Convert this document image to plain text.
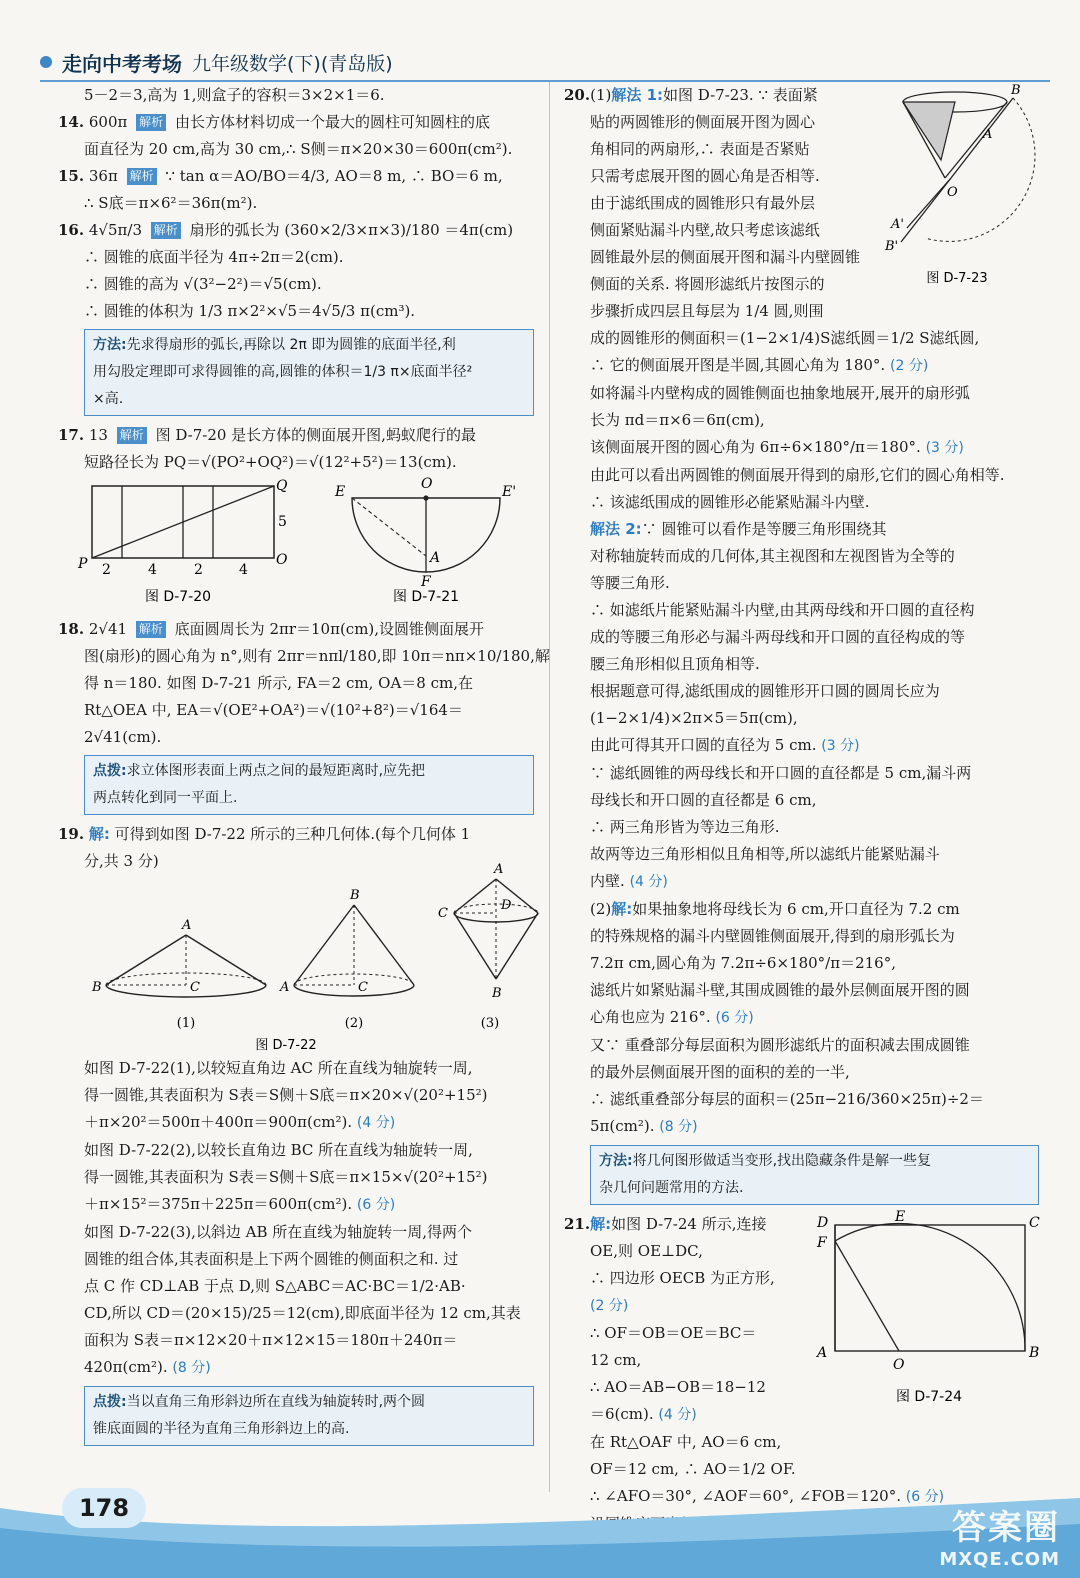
走向中考考场 九年级数学(下)(青岛版)
5－2＝3,高为 1,则盒子的容积＝3×2×1＝6.
14. 600π 解析 由长方体材料切成一个最大的圆柱可知圆柱的底
面直径为 20 cm,高为 30 cm,∴ S侧＝π×20×30＝600π(cm²).
15. 36π 解析 ∵ tan α＝AO/BO＝4/3, AO＝8 m, ∴ BO＝6 m,
∴ S底＝π×6²＝36π(m²).
16. 4√5π/3 解析 扇形的弧长为 (360×2/3×π×3)/180 ＝4π(cm)
∴ 圆锥的底面半径为 4π÷2π＝2(cm).
∴ 圆锥的高为 √(3²−2²)＝√5(cm).
∴ 圆锥的体积为 1/3 π×2²×√5＝4√5/3 π(cm³).
方法:先求得扇形的弧长,再除以 2π 即为圆锥的底面半径,利
用勾股定理即可求得圆锥的高,圆锥的体积＝1/3 π×底面半径²
×高.
17. 13 解析 图 D-7-20 是长方体的侧面展开图,蚂蚁爬行的最
短路径长为 PQ＝√(PO²+OQ²)＝√(12²+5²)＝13(cm).
Q
5
O
P 2	4	2	4
图 D-7-20
E	E'
O
A
F
图 D-7-21
18. 2√41 解析 底面圆周长为 2πr＝10π(cm),设圆锥侧面展开
图(扇形)的圆心角为 n°,则有 2πr＝nπl/180,即 10π＝nπ×10/180,解
得 n＝180. 如图 D-7-21 所示, FA＝2 cm, OA＝8 cm,在
Rt△OEA 中, EA＝√(OE²+OA²)＝√(10²+8²)＝√164＝
2√41(cm).
点拨:求立体图形表面上两点之间的最短距离时,应先把
两点转化到同一平面上.
19. 解: 可得到如图 D-7-22 所示的三种几何体.(每个几何体 1
分,共 3 分)
A
B	C
(1)
B
A	C
(2)
D
C
B
A
(3)
图 D-7-22
如图 D-7-22(1),以较短直角边 AC 所在直线为轴旋转一周,
得一圆锥,其表面积为 S表＝S侧＋S底＝π×20×√(20²+15²)
＋π×20²＝500π＋400π＝900π(cm²). (4 分)
如图 D-7-22(2),以较长直角边 BC 所在直线为轴旋转一周,
得一圆锥,其表面积为 S表＝S侧＋S底＝π×15×√(20²+15²)
＋π×15²＝375π＋225π＝600π(cm²). (6 分)
如图 D-7-22(3),以斜边 AB 所在直线为轴旋转一周,得两个
圆锥的组合体,其表面积是上下两个圆锥的侧面积之和. 过
点 C 作 CD⊥AB 于点 D,则 S△ABC＝AC·BC＝1/2·AB·
CD,所以 CD＝(20×15)/25＝12(cm),即底面半径为 12 cm,其表
面积为 S表＝π×12×20＋π×12×15＝180π＋240π＝
420π(cm²). (8 分)
点拨:当以直角三角形斜边所在直线为轴旋转时,两个圆
锥底面圆的半径为直角三角形斜边上的高.
B
A
O
A'
B'
图 D-7-23
20.(1)解法 1:如图 D-7-23. ∵ 表面紧
贴的两圆锥形的侧面展开图为圆心
角相同的两扇形,∴ 表面是否紧贴
只需考虑展开图的圆心角是否相等.
由于滤纸围成的圆锥形只有最外层
侧面紧贴漏斗内壁,故只考虑该滤纸
圆锥最外层的侧面展开图和漏斗内壁圆锥
侧面的关系. 将圆形滤纸片按图示的
步骤折成四层且每层为 1/4 圆,则围
成的圆锥形的侧面积＝(1−2×1/4)S滤纸圆＝1/2 S滤纸圆,
∴ 它的侧面展开图是半圆,其圆心角为 180°. (2 分)
如将漏斗内壁构成的圆锥侧面也抽象地展开,展开的扇形弧
长为 πd＝π×6＝6π(cm),
该侧面展开图的圆心角为 6π÷6×180°/π＝180°. (3 分)
由此可以看出两圆锥的侧面展开得到的扇形,它们的圆心角相等.
∴ 该滤纸围成的圆锥形必能紧贴漏斗内壁.
解法 2:∵ 圆锥可以看作是等腰三角形围绕其
对称轴旋转而成的几何体,其主视图和左视图皆为全等的
等腰三角形.
∴ 如滤纸片能紧贴漏斗内壁,由其两母线和开口圆的直径构
成的等腰三角形必与漏斗两母线和开口圆的直径构成的等
腰三角形相似且顶角相等.
根据题意可得,滤纸围成的圆锥形开口圆的圆周长应为
(1−2×1/4)×2π×5＝5π(cm),
由此可得其开口圆的直径为 5 cm. (3 分)
∵ 滤纸圆锥的两母线长和开口圆的直径都是 5 cm,漏斗两
母线长和开口圆的直径都是 6 cm,
∴ 两三角形皆为等边三角形.
故两等边三角形相似且角相等,所以滤纸片能紧贴漏斗
内壁. (4 分)
(2)解:如果抽象地将母线长为 6 cm,开口直径为 7.2 cm
的特殊规格的漏斗内壁圆锥侧面展开,得到的扇形弧长为
7.2π cm,圆心角为 7.2π÷6×180°/π＝216°,
滤纸片如紧贴漏斗壁,其围成圆锥的最外层侧面展开图的圆
心角也应为 216°. (6 分)
又∵ 重叠部分每层面积为圆形滤纸片的面积减去围成圆锥
的最外层侧面展开图的面积的差的一半,
∴ 滤纸重叠部分每层的面积＝(25π−216/360×25π)÷2＝
5π(cm²). (8 分)
方法:将几何图形做适当变形,找出隐藏条件是解一些复
杂几何问题常用的方法.
D	E	C
F
A
O
B
图 D-7-24
21.解:如图 D-7-24 所示,连接
OE,则 OE⊥DC,
∴ 四边形 OECB 为正方形,
(2 分)
∴ OF＝OB＝OE＝BC＝
12 cm,
∴ AO＝AB−OB＝18−12
＝6(cm). (4 分)
在 Rt△OAF 中, AO＝6 cm,
OF＝12 cm, ∴ AO＝1/2 OF.
∴ ∠AFO＝30°, ∠AOF＝60°, ∠FOB＝120°. (6 分)
178	答案圈
MXQE.COM
